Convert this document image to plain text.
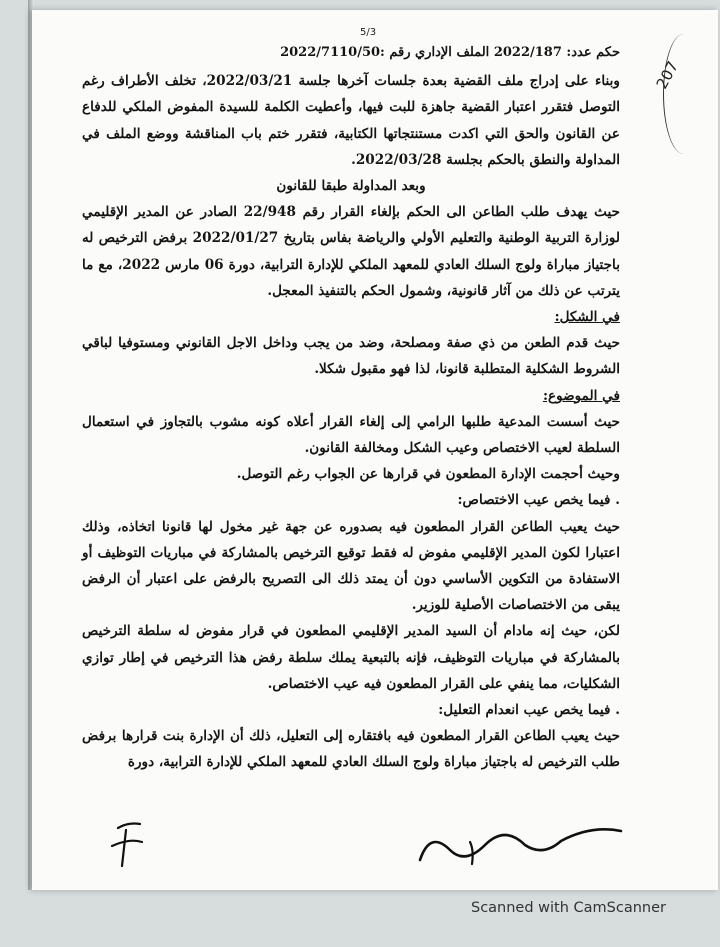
5/3
207

حكم عدد: 2022/187 الملف الإداري رقم :2022/7110/50

وبناء على إدراج ملف القضية بعدة جلسات آخرها جلسة 2022/03/21، تخلف الأطراف رغم التوصل فتقرر اعتبار القضية جاهزة للبت فيها، وأعطيت الكلمة للسيدة المفوض الملكي للدفاع عن القانون والحق التي اكدت مستنتجاتها الكتابية، فتقرر ختم باب المناقشة ووضع الملف في المداولة والنطق بالحكم بجلسة 2022/03/28.

وبعد المداولة طبقا للقانون

حيث يهدف طلب الطاعن الى الحكم بإلغاء القرار رقم 22/948 الصادر عن المدير الإقليمي لوزارة التربية الوطنية والتعليم الأولي والرياضة بفاس بتاريخ 2022/01/27 برفض الترخيص له باجتياز مباراة ولوج السلك العادي للمعهد الملكي للإدارة الترابية، دورة 06 مارس 2022، مع ما يترتب عن ذلك من آثار قانونية، وشمول الحكم بالتنفيذ المعجل.

في الشكل:

حيث قدم الطعن من ذي صفة ومصلحة، وضد من يجب وداخل الاجل القانوني ومستوفيا لباقي الشروط الشكلية المتطلبة قانونا، لذا فهو مقبول شكلا.

في الموضوع:

حيث أسست المدعية طلبها الرامي إلى إلغاء القرار أعلاه كونه مشوب بالتجاوز في استعمال السلطة لعيب الاختصاص وعيب الشكل ومخالفة القانون.

وحيث أحجمت الإدارة المطعون في قرارها عن الجواب رغم التوصل.

. فيما يخص عيب الاختصاص:

حيث يعيب الطاعن القرار المطعون فيه بصدوره عن جهة غير مخول لها قانونا اتخاذه، وذلك اعتبارا لكون المدير الإقليمي مفوض له فقط توقيع الترخيص بالمشاركة في مباريات التوظيف أو الاستفادة من التكوين الأساسي دون أن يمتد ذلك الى التصريح بالرفض على اعتبار أن الرفض يبقى من الاختصاصات الأصلية للوزير.

لكن، حيث إنه مادام أن السيد المدير الإقليمي المطعون في قرار مفوض له سلطة الترخيص بالمشاركة في مباريات التوظيف، فإنه بالتبعية يملك سلطة رفض هذا الترخيص في إطار توازي الشكليات، مما ينفي على القرار المطعون فيه عيب الاختصاص.

. فيما يخص عيب انعدام التعليل:

حيث يعيب الطاعن القرار المطعون فيه بافتقاره إلى التعليل، ذلك أن الإدارة بنت قرارها برفض طلب الترخيص له باجتياز مباراة ولوج السلك العادي للمعهد الملكي للإدارة الترابية، دورة

Scanned with CamScanner
